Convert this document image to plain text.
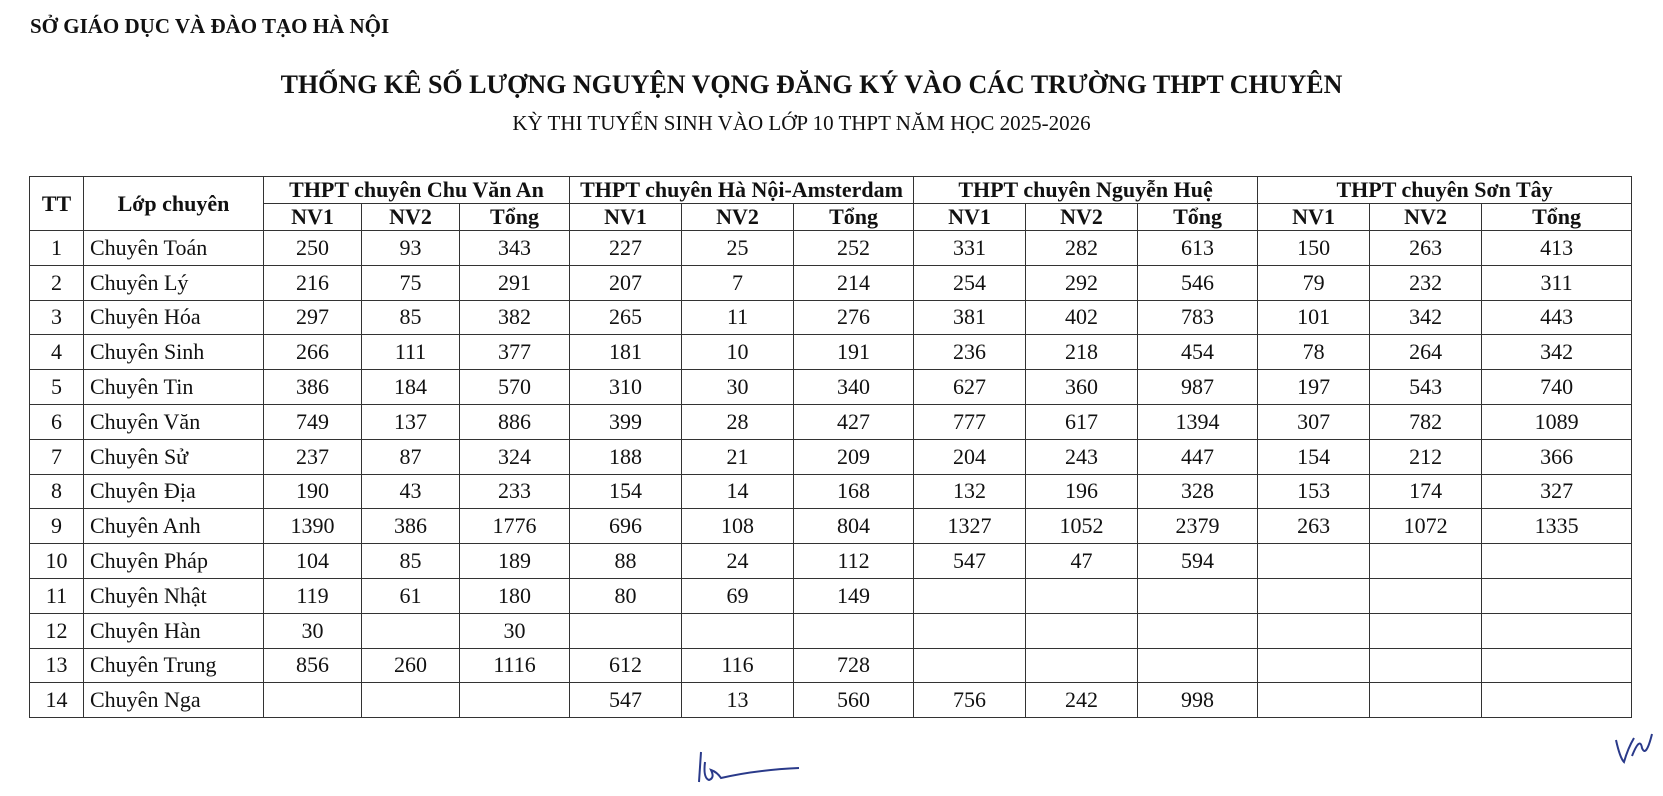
SỞ GIÁO DỤC VÀ ĐÀO TẠO HÀ NỘI
THỐNG KÊ SỐ LƯỢNG NGUYỆN VỌNG ĐĂNG KÝ VÀO CÁC TRƯỜNG THPT CHUYÊN
KỲ THI TUYỂN SINH VÀO LỚP 10 THPT NĂM HỌC 2025-2026
TT	Lớp chuyên	THPT chuyên Chu Văn An			THPT chuyên Hà Nội-Amsterdam			THPT chuyên Nguyễn Huệ			THPT chuyên Sơn Tây		
		NV1	NV2	Tổng	NV1	NV2	Tổng	NV1	NV2	Tổng	NV1	NV2	Tổng
1	Chuyên Toán	250	93	343	227	25	252	331	282	613	150	263	413
2	Chuyên Lý	216	75	291	207	7	214	254	292	546	79	232	311
3	Chuyên Hóa	297	85	382	265	11	276	381	402	783	101	342	443
4	Chuyên Sinh	266	111	377	181	10	191	236	218	454	78	264	342
5	Chuyên Tin	386	184	570	310	30	340	627	360	987	197	543	740
6	Chuyên Văn	749	137	886	399	28	427	777	617	1394	307	782	1089
7	Chuyên Sử	237	87	324	188	21	209	204	243	447	154	212	366
8	Chuyên Địa	190	43	233	154	14	168	132	196	328	153	174	327
9	Chuyên Anh	1390	386	1776	696	108	804	1327	1052	2379	263	1072	1335
10	Chuyên Pháp	104	85	189	88	24	112	547	47	594			
11	Chuyên Nhật	119	61	180	80	69	149						
12	Chuyên Hàn	30		30									
13	Chuyên Trung	856	260	1116	612	116	728						
14	Chuyên Nga				547	13	560	756	242	998			
